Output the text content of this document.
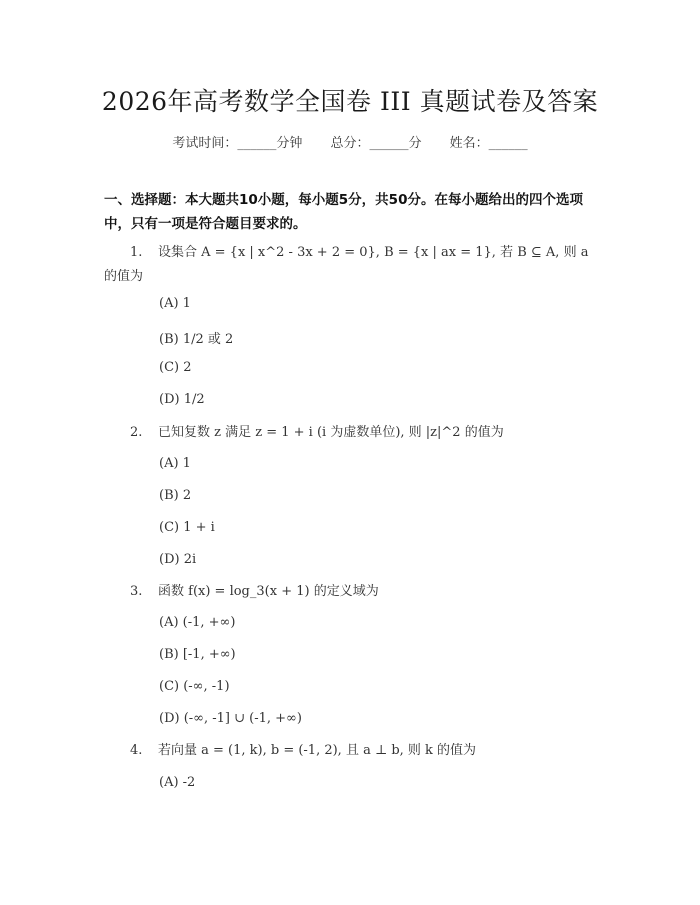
2026年高考数学全国卷 III 真题试卷及答案
考试时间：______分钟 总分：______分 姓名：______
一、选择题：本大题共10小题，每小题5分，共50分。在每小题给出的四个选项中，只有一项是符合题目要求的。
1. 设集合 A = {x | x^2 - 3x + 2 = 0}, B = {x | ax = 1}, 若 B ⊆ A, 则 a 的值为
(A) 1
(B) 1/2 或 2
(C) 2
(D) 1/2
2. 已知复数 z 满足 z = 1 + i (i 为虚数单位), 则 |z|^2 的值为
(A) 1
(B) 2
(C) 1 + i
(D) 2i
3. 函数 f(x) = log_3(x + 1) 的定义域为
(A) (-1, +∞)
(B) [-1, +∞)
(C) (-∞, -1)
(D) (-∞, -1] ∪ (-1, +∞)
4. 若向量 a = (1, k), b = (-1, 2), 且 a ⊥ b, 则 k 的值为
(A) -2
